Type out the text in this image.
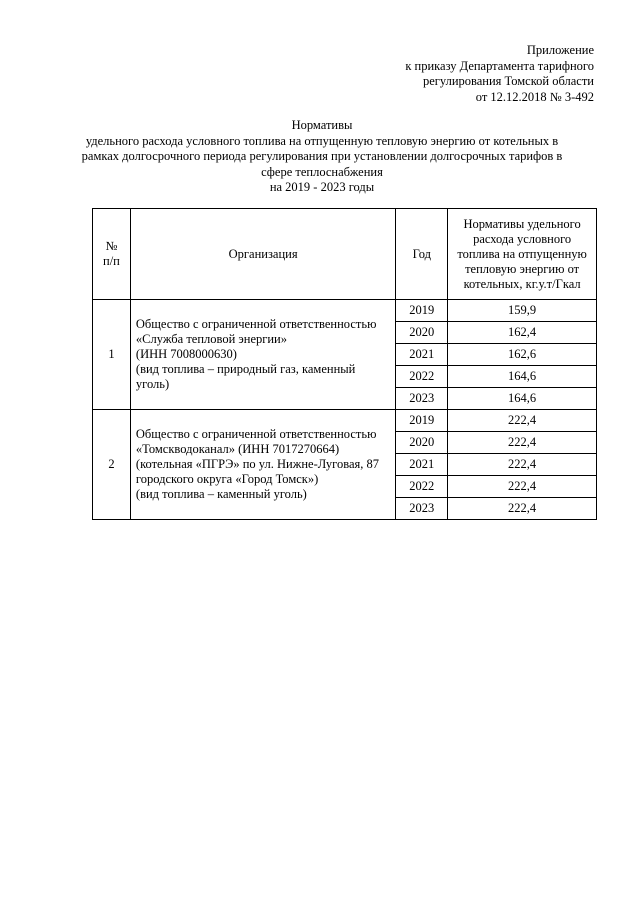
Приложение
к приказу Департамента тарифного
регулирования Томской области
от 12.12.2018 № 3-492
Нормативы
удельного расхода условного топлива на отпущенную тепловую энергию от котельных в
рамках долгосрочного периода регулирования при установлении долгосрочных тарифов в
сфере теплоснабжения
на 2019 - 2023 годы
№
п/п	Организация	Год	Нормативы удельного расхода условного топлива на отпущенную тепловую энергию от котельных, кг.у.т/Гкал
1	Общество с ограниченной ответственностью
«Служба тепловой энергии»
(ИНН 7008000630)
(вид топлива – природный газ, каменный уголь)	2019	159,9
		2020	162,4
		2021	162,6
		2022	164,6
		2023	164,6
2	Общество с ограниченной ответственностью «Томскводоканал» (ИНН 7017270664)
(котельная «ПГРЭ» по ул. Нижне-Луговая, 87 городского округа «Город Томск»)
(вид топлива – каменный уголь)	2019	222,4
		2020	222,4
		2021	222,4
		2022	222,4
		2023	222,4
